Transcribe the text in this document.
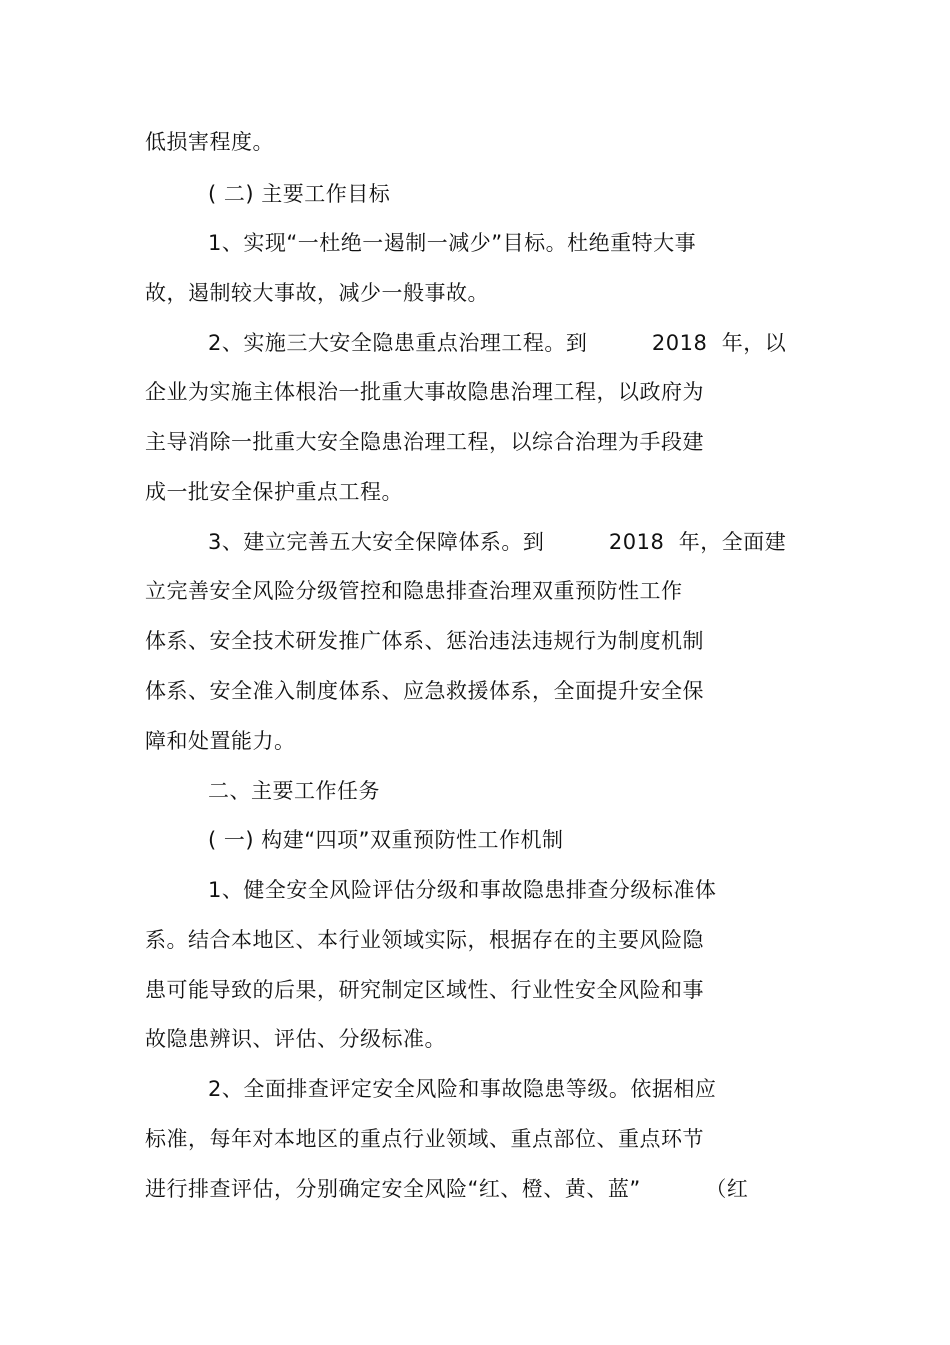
低损害程度。
( 二) 主要工作目标
1、实现“一杜绝一遏制一减少”目标。杜绝重特大事
故，遏制较大事故，减少一般事故。
2、实施三大安全隐患重点治理工程。到         2018  年，以
企业为实施主体根治一批重大事故隐患治理工程，以政府为
主导消除一批重大安全隐患治理工程，以综合治理为手段建
成一批安全保护重点工程。
3、建立完善五大安全保障体系。到         2018  年，全面建
立完善安全风险分级管控和隐患排查治理双重预防性工作
体系、安全技术研发推广体系、惩治违法违规行为制度机制
体系、安全准入制度体系、应急救援体系，全面提升安全保
障和处置能力。
二、主要工作任务
( 一) 构建“四项”双重预防性工作机制
1、健全安全风险评估分级和事故隐患排查分级标准体
系。结合本地区、本行业领域实际，根据存在的主要风险隐
患可能导致的后果，研究制定区域性、行业性安全风险和事
故隐患辨识、评估、分级标准。
2、全面排查评定安全风险和事故隐患等级。依据相应
标准，每年对本地区的重点行业领域、重点部位、重点环节
进行排查评估，分别确定安全风险“红、橙、黄、蓝”         （红
